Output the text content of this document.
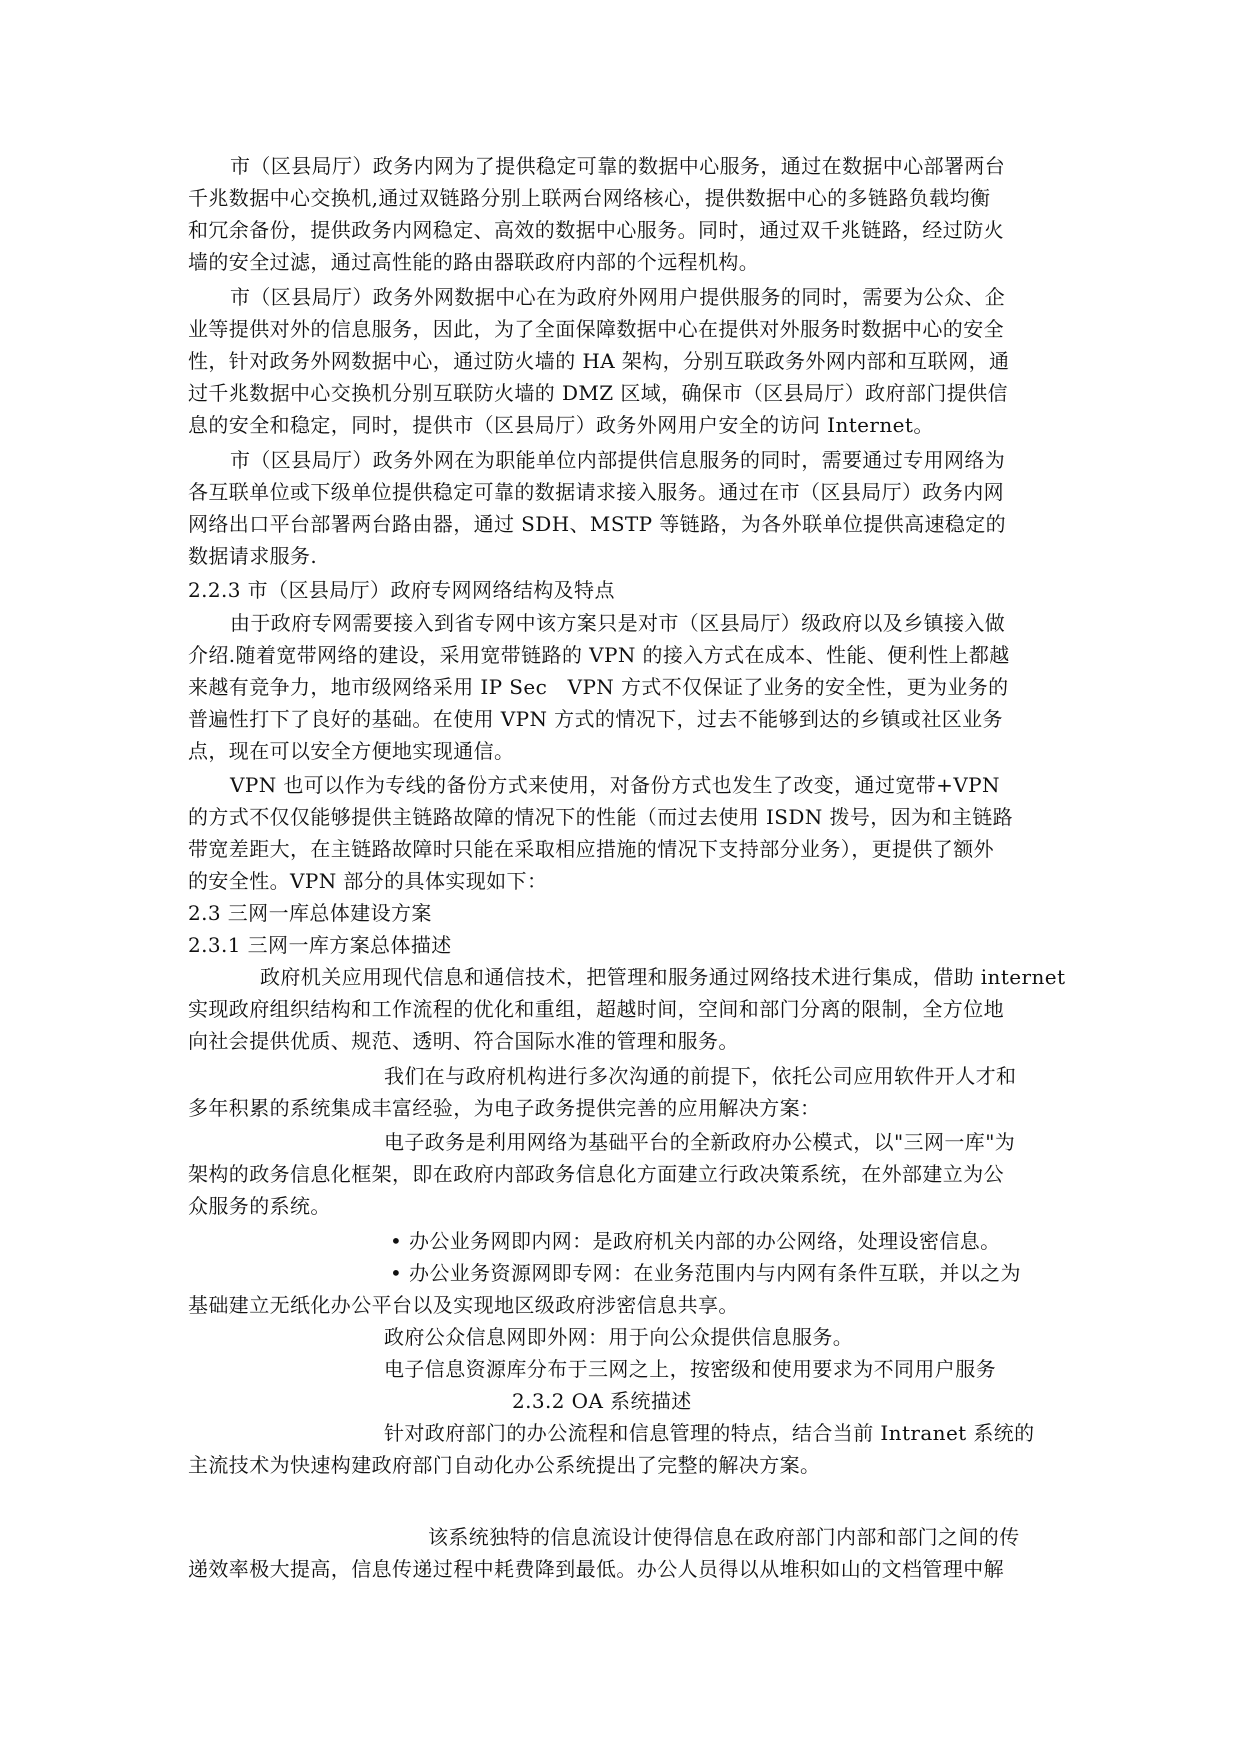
市（区县局厅）政务内网为了提供稳定可靠的数据中心服务，通过在数据中心部署两台
千兆数据中心交换机,通过双链路分别上联两台网络核心，提供数据中心的多链路负载均衡
和冗余备份，提供政务内网稳定、高效的数据中心服务。同时，通过双千兆链路，经过防火
墙的安全过滤，通过高性能的路由器联政府内部的个远程机构。
市（区县局厅）政务外网数据中心在为政府外网用户提供服务的同时，需要为公众、企
业等提供对外的信息服务，因此，为了全面保障数据中心在提供对外服务时数据中心的安全
性，针对政务外网数据中心，通过防火墙的 HA 架构，分别互联政务外网内部和互联网，通
过千兆数据中心交换机分别互联防火墙的 DMZ 区域，确保市（区县局厅）政府部门提供信
息的安全和稳定，同时，提供市（区县局厅）政务外网用户安全的访问 Internet。
市（区县局厅）政务外网在为职能单位内部提供信息服务的同时，需要通过专用网络为
各互联单位或下级单位提供稳定可靠的数据请求接入服务。通过在市（区县局厅）政务内网
网络出口平台部署两台路由器，通过 SDH、MSTP 等链路，为各外联单位提供高速稳定的
数据请求服务.
2.2.3 市（区县局厅）政府专网网络结构及特点
由于政府专网需要接入到省专网中该方案只是对市（区县局厅）级政府以及乡镇接入做
介绍.随着宽带网络的建设，采用宽带链路的 VPN 的接入方式在成本、性能、便利性上都越
来越有竞争力，地市级网络采用 IP Sec　VPN 方式不仅保证了业务的安全性，更为业务的
普遍性打下了良好的基础。在使用 VPN 方式的情况下，过去不能够到达的乡镇或社区业务
点，现在可以安全方便地实现通信。
VPN 也可以作为专线的备份方式来使用，对备份方式也发生了改变，通过宽带+VPN
的方式不仅仅能够提供主链路故障的情况下的性能（而过去使用 ISDN 拨号，因为和主链路
带宽差距大，在主链路故障时只能在采取相应措施的情况下支持部分业务），更提供了额外
的安全性。VPN 部分的具体实现如下：
2.3 三网一库总体建设方案
2.3.1 三网一库方案总体描述
政府机关应用现代信息和通信技术，把管理和服务通过网络技术进行集成，借助 internet
实现政府组织结构和工作流程的优化和重组，超越时间，空间和部门分离的限制，全方位地
向社会提供优质、规范、透明、符合国际水准的管理和服务。
我们在与政府机构进行多次沟通的前提下，依托公司应用软件开人才和
多年积累的系统集成丰富经验，为电子政务提供完善的应用解决方案：
电子政务是利用网络为基础平台的全新政府办公模式，以"三网一库"为
架构的政务信息化框架，即在政府内部政务信息化方面建立行政决策系统，在外部建立为公
众服务的系统。
• 办公业务网即内网：是政府机关内部的办公网络，处理设密信息。
• 办公业务资源网即专网：在业务范围内与内网有条件互联，并以之为
基础建立无纸化办公平台以及实现地区级政府涉密信息共享。
政府公众信息网即外网：用于向公众提供信息服务。
电子信息资源库分布于三网之上，按密级和使用要求为不同用户服务
2.3.2 OA 系统描述
针对政府部门的办公流程和信息管理的特点，结合当前 Intranet 系统的
主流技术为快速构建政府部门自动化办公系统提出了完整的解决方案。
该系统独特的信息流设计使得信息在政府部门内部和部门之间的传
递效率极大提高，信息传递过程中耗费降到最低。办公人员得以从堆积如山的文档管理中解
